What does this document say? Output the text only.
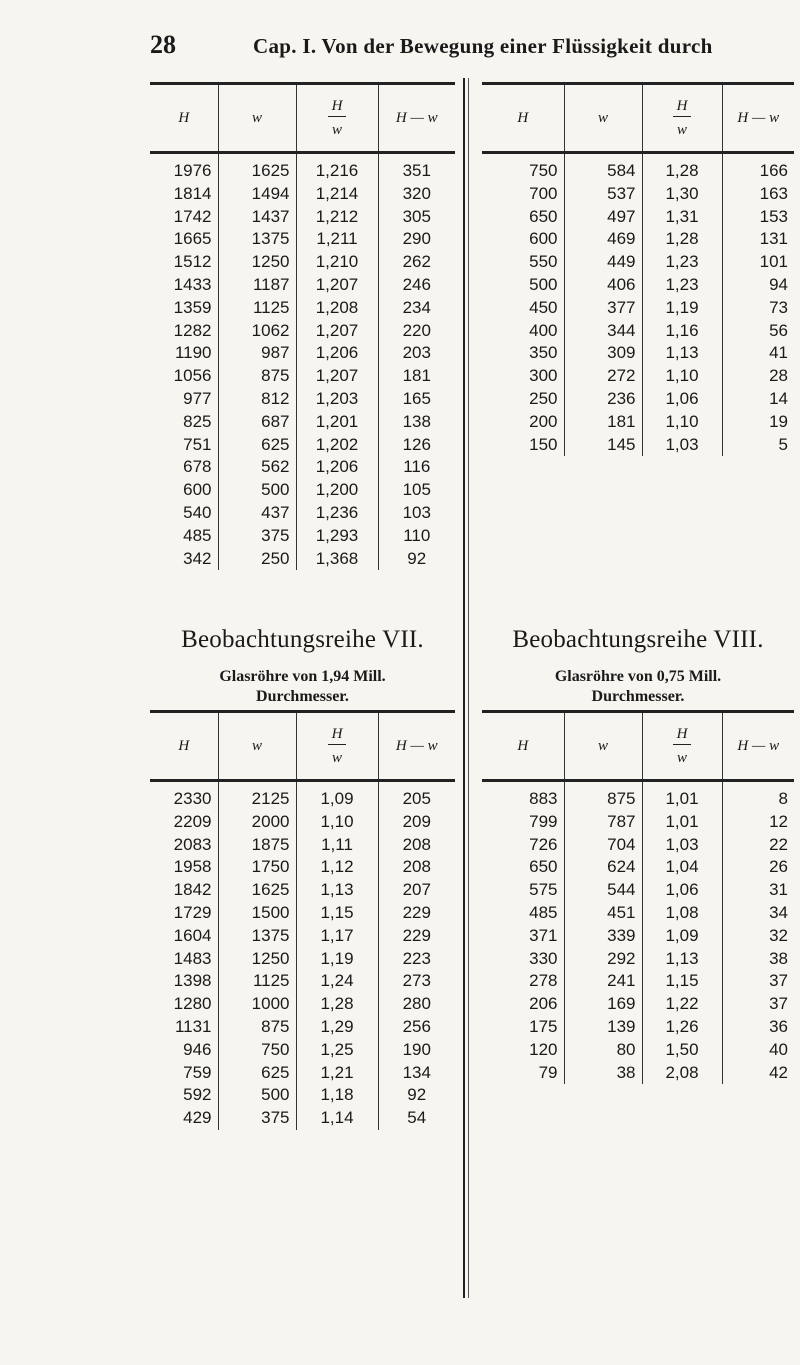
28	Cap. I. Von der Bewegung einer Flüssigkeit durch
H	w	$\frac{H}{w}$	H — w
1976	1625	1,216	351
1814	1494	1,214	320
1742	1437	1,212	305
1665	1375	1,211	290
1512	1250	1,210	262
1433	1187	1,207	246
1359	1125	1,208	234
1282	1062	1,207	220
1190	987	1,206	203
1056	875	1,207	181
977	812	1,203	165
825	687	1,201	138
751	625	1,202	126
678	562	1,206	116
600	500	1,200	105
540	437	1,236	103
485	375	1,293	110
342	250	1,368	92
H	w	$\frac{H}{w}$	H — w
750	584	1,28	166
700	537	1,30	163
650	497	1,31	153
600	469	1,28	131
550	449	1,23	101
500	406	1,23	94
450	377	1,19	73
400	344	1,16	56
350	309	1,13	41
300	272	1,10	28
250	236	1,06	14
200	181	1,10	19
150	145	1,03	5
Beobachtungsreihe VII.
Glasröhre von 1,94 Mill.
Durchmesser.
Beobachtungsreihe VIII.
Glasröhre von 0,75 Mill.
Durchmesser.
H	w	$\frac{H}{w}$	H — w
2330	2125	1,09	205
2209	2000	1,10	209
2083	1875	1,11	208
1958	1750	1,12	208
1842	1625	1,13	207
1729	1500	1,15	229
1604	1375	1,17	229
1483	1250	1,19	223
1398	1125	1,24	273
1280	1000	1,28	280
1131	875	1,29	256
946	750	1,25	190
759	625	1,21	134
592	500	1,18	92
429	375	1,14	54
H	w	$\frac{H}{w}$	H — w
883	875	1,01	8
799	787	1,01	12
726	704	1,03	22
650	624	1,04	26
575	544	1,06	31
485	451	1,08	34
371	339	1,09	32
330	292	1,13	38
278	241	1,15	37
206	169	1,22	37
175	139	1,26	36
120	80	1,50	40
79	38	2,08	42
